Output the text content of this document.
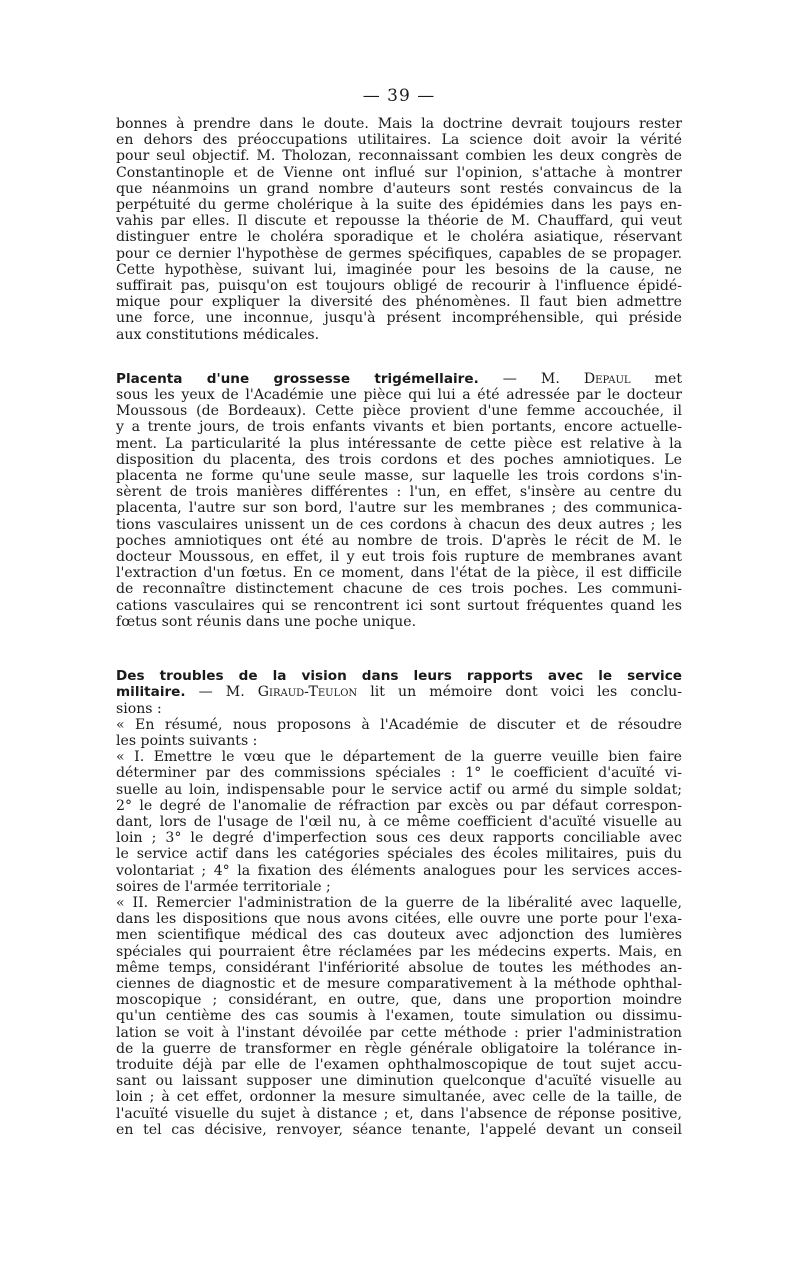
— 39 —
bonnes à prendre dans le doute. Mais la doctrine devrait toujours rester
en dehors des préoccupations utilitaires. La science doit avoir la vérité
pour seul objectif. M. Tholozan, reconnaissant combien les deux congrès de
Constantinople et de Vienne ont influé sur l'opinion, s'attache à montrer
que néanmoins un grand nombre d'auteurs sont restés convaincus de la
perpétuité du germe cholérique à la suite des épidémies dans les pays en-
vahis par elles. Il discute et repousse la théorie de M. Chauffard, qui veut
distinguer entre le choléra sporadique et le choléra asiatique, réservant
pour ce dernier l'hypothèse de germes spécifiques, capables de se propager.
Cette hypothèse, suivant lui, imaginée pour les besoins de la cause, ne
suffirait pas, puisqu'on est toujours obligé de recourir à l'influence épidé-
mique pour expliquer la diversité des phénomènes. Il faut bien admettre
une force, une inconnue, jusqu'à présent incompréhensible, qui préside
aux constitutions médicales.
Placenta d'une grossesse trigémellaire. — M. Depaul met
sous les yeux de l'Académie une pièce qui lui a été adressée par le docteur
Moussous (de Bordeaux). Cette pièce provient d'une femme accouchée, il
y a trente jours, de trois enfants vivants et bien portants, encore actuelle-
ment. La particularité la plus intéressante de cette pièce est relative à la
disposition du placenta, des trois cordons et des poches amniotiques. Le
placenta ne forme qu'une seule masse, sur laquelle les trois cordons s'in-
sèrent de trois manières différentes : l'un, en effet, s'insère au centre du
placenta, l'autre sur son bord, l'autre sur les membranes ; des communica-
tions vasculaires unissent un de ces cordons à chacun des deux autres ; les
poches amniotiques ont été au nombre de trois. D'après le récit de M. le
docteur Moussous, en effet, il y eut trois fois rupture de membranes avant
l'extraction d'un fœtus. En ce moment, dans l'état de la pièce, il est difficile
de reconnaître distinctement chacune de ces trois poches. Les communi-
cations vasculaires qui se rencontrent ici sont surtout fréquentes quand les
fœtus sont réunis dans une poche unique.
Des troubles de la vision dans leurs rapports avec le service
militaire. — M. Giraud-Teulon lit un mémoire dont voici les conclu-
sions :
« En résumé, nous proposons à l'Académie de discuter et de résoudre
les points suivants :
« I. Emettre le vœu que le département de la guerre veuille bien faire
déterminer par des commissions spéciales : 1° le coefficient d'acuïté vi-
suelle au loin, indispensable pour le service actif ou armé du simple soldat;
2° le degré de l'anomalie de réfraction par excès ou par défaut correspon-
dant, lors de l'usage de l'œil nu, à ce même coefficient d'acuïté visuelle au
loin ; 3° le degré d'imperfection sous ces deux rapports conciliable avec
le service actif dans les catégories spéciales des écoles militaires, puis du
volontariat ; 4° la fixation des éléments analogues pour les services acces-
soires de l'armée territoriale ;
« II. Remercier l'administration de la guerre de la libéralité avec laquelle,
dans les dispositions que nous avons citées, elle ouvre une porte pour l'exa-
men scientifique médical des cas douteux avec adjonction des lumières
spéciales qui pourraient être réclamées par les médecins experts. Mais, en
même temps, considérant l'infériorité absolue de toutes les méthodes an-
ciennes de diagnostic et de mesure comparativement à la méthode ophthal-
moscopique ; considérant, en outre, que, dans une proportion moindre
qu'un centième des cas soumis à l'examen, toute simulation ou dissimu-
lation se voit à l'instant dévoilée par cette méthode : prier l'administration
de la guerre de transformer en règle générale obligatoire la tolérance in-
troduite déjà par elle de l'examen ophthalmoscopique de tout sujet accu-
sant ou laissant supposer une diminution quelconque d'acuïté visuelle au
loin ; à cet effet, ordonner la mesure simultanée, avec celle de la taille, de
l'acuïté visuelle du sujet à distance ; et, dans l'absence de réponse positive,
en tel cas décisive, renvoyer, séance tenante, l'appelé devant un conseil
